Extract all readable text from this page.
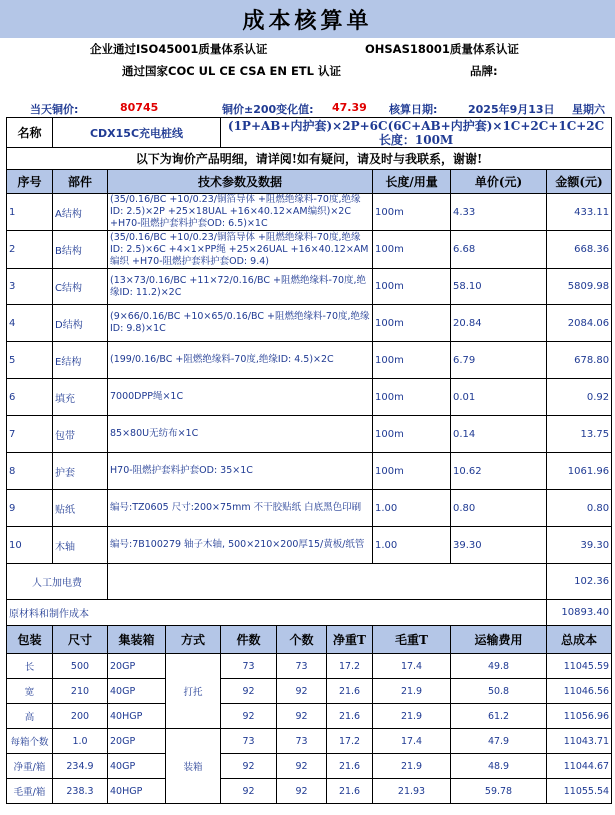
成本核算单
企业通过ISO45001质量体系认证	OHSAS18001质量体系认证
通过国家COC UL CE CSA EN ETL 认证	品牌:
当天铜价:	80745	铜价±200变化值: 47.39 核算日期:	2025年9月13日 星期六
名称	CDX15C充电桩线			(1P+AB+内护套)×2P+6C(6C+AB+内护套)×1C+2C+1C+2C 长度：100M					
以下为询价产品明细，请详阅!如有疑问，请及时与我联系，谢谢!									
序号	部件	技术参数及数据					长度/用量	单价(元)	金额(元)
1	A结构	(35/0.16/BC +10/0.23/铜箔导体 +阻燃绝缘料-70度,绝缘ID: 2.5)×2P +25×18UAL +16×40.12×AM编织)×2C +H70-阻燃护套料护套OD: 6.5)×1C					100m	4.33	433.11
2	B结构	(35/0.16/BC +10/0.23/铜箔导体 +阻燃绝缘料-70度,绝缘ID: 2.5)×6C +4×1×PP绳 +25×26UAL +16×40.12×AM编织 +H70-阻燃护套料护套OD: 9.4)					100m	6.68	668.36
3	C结构	(13×73/0.16/BC +11×72/0.16/BC +阻燃绝缘料-70度,绝缘ID: 11.2)×2C					100m	58.10	5809.98
4	D结构	(9×66/0.16/BC +10×65/0.16/BC +阻燃绝缘料-70度,绝缘ID: 9.8)×1C					100m	20.84	2084.06
5	E结构	(199/0.16/BC +阻燃绝缘料-70度,绝缘ID: 4.5)×2C					100m	6.79	678.80
6	填充	7000DPP绳×1C					100m	0.01	0.92
7	包带	85×80U无纺布×1C					100m	0.14	13.75
8	护套	H70-阻燃护套料护套OD: 35×1C					100m	10.62	1061.96
9	贴纸	编号:TZ0605 尺寸:200×75mm 不干胶贴纸 白底黑色印刷					1.00	0.80	0.80
10	木轴	编号:7B100279 轴子木轴, 500×210×200厚15/黄板/纸管					1.00	39.30	39.30
人工加电费									102.36
原材料和制作成本									10893.40
包装	尺寸	集装箱	方式	件数	个数	净重T	毛重T	运输费用	总成本
长	500	20GP	打托	73	73	17.2	17.4	49.8	11045.59
宽	210	40GP		92	92	21.6	21.9	50.8	11046.56
高	200	40HGP		92	92	21.6	21.9	61.2	11056.96
每箱个数	1.0	20GP	装箱	73	73	17.2	17.4	47.9	11043.71
净重/箱	234.9	40GP		92	92	21.6	21.9	48.9	11044.67
毛重/箱	238.3	40HGP		92	92	21.6	21.93	59.78	11055.54
